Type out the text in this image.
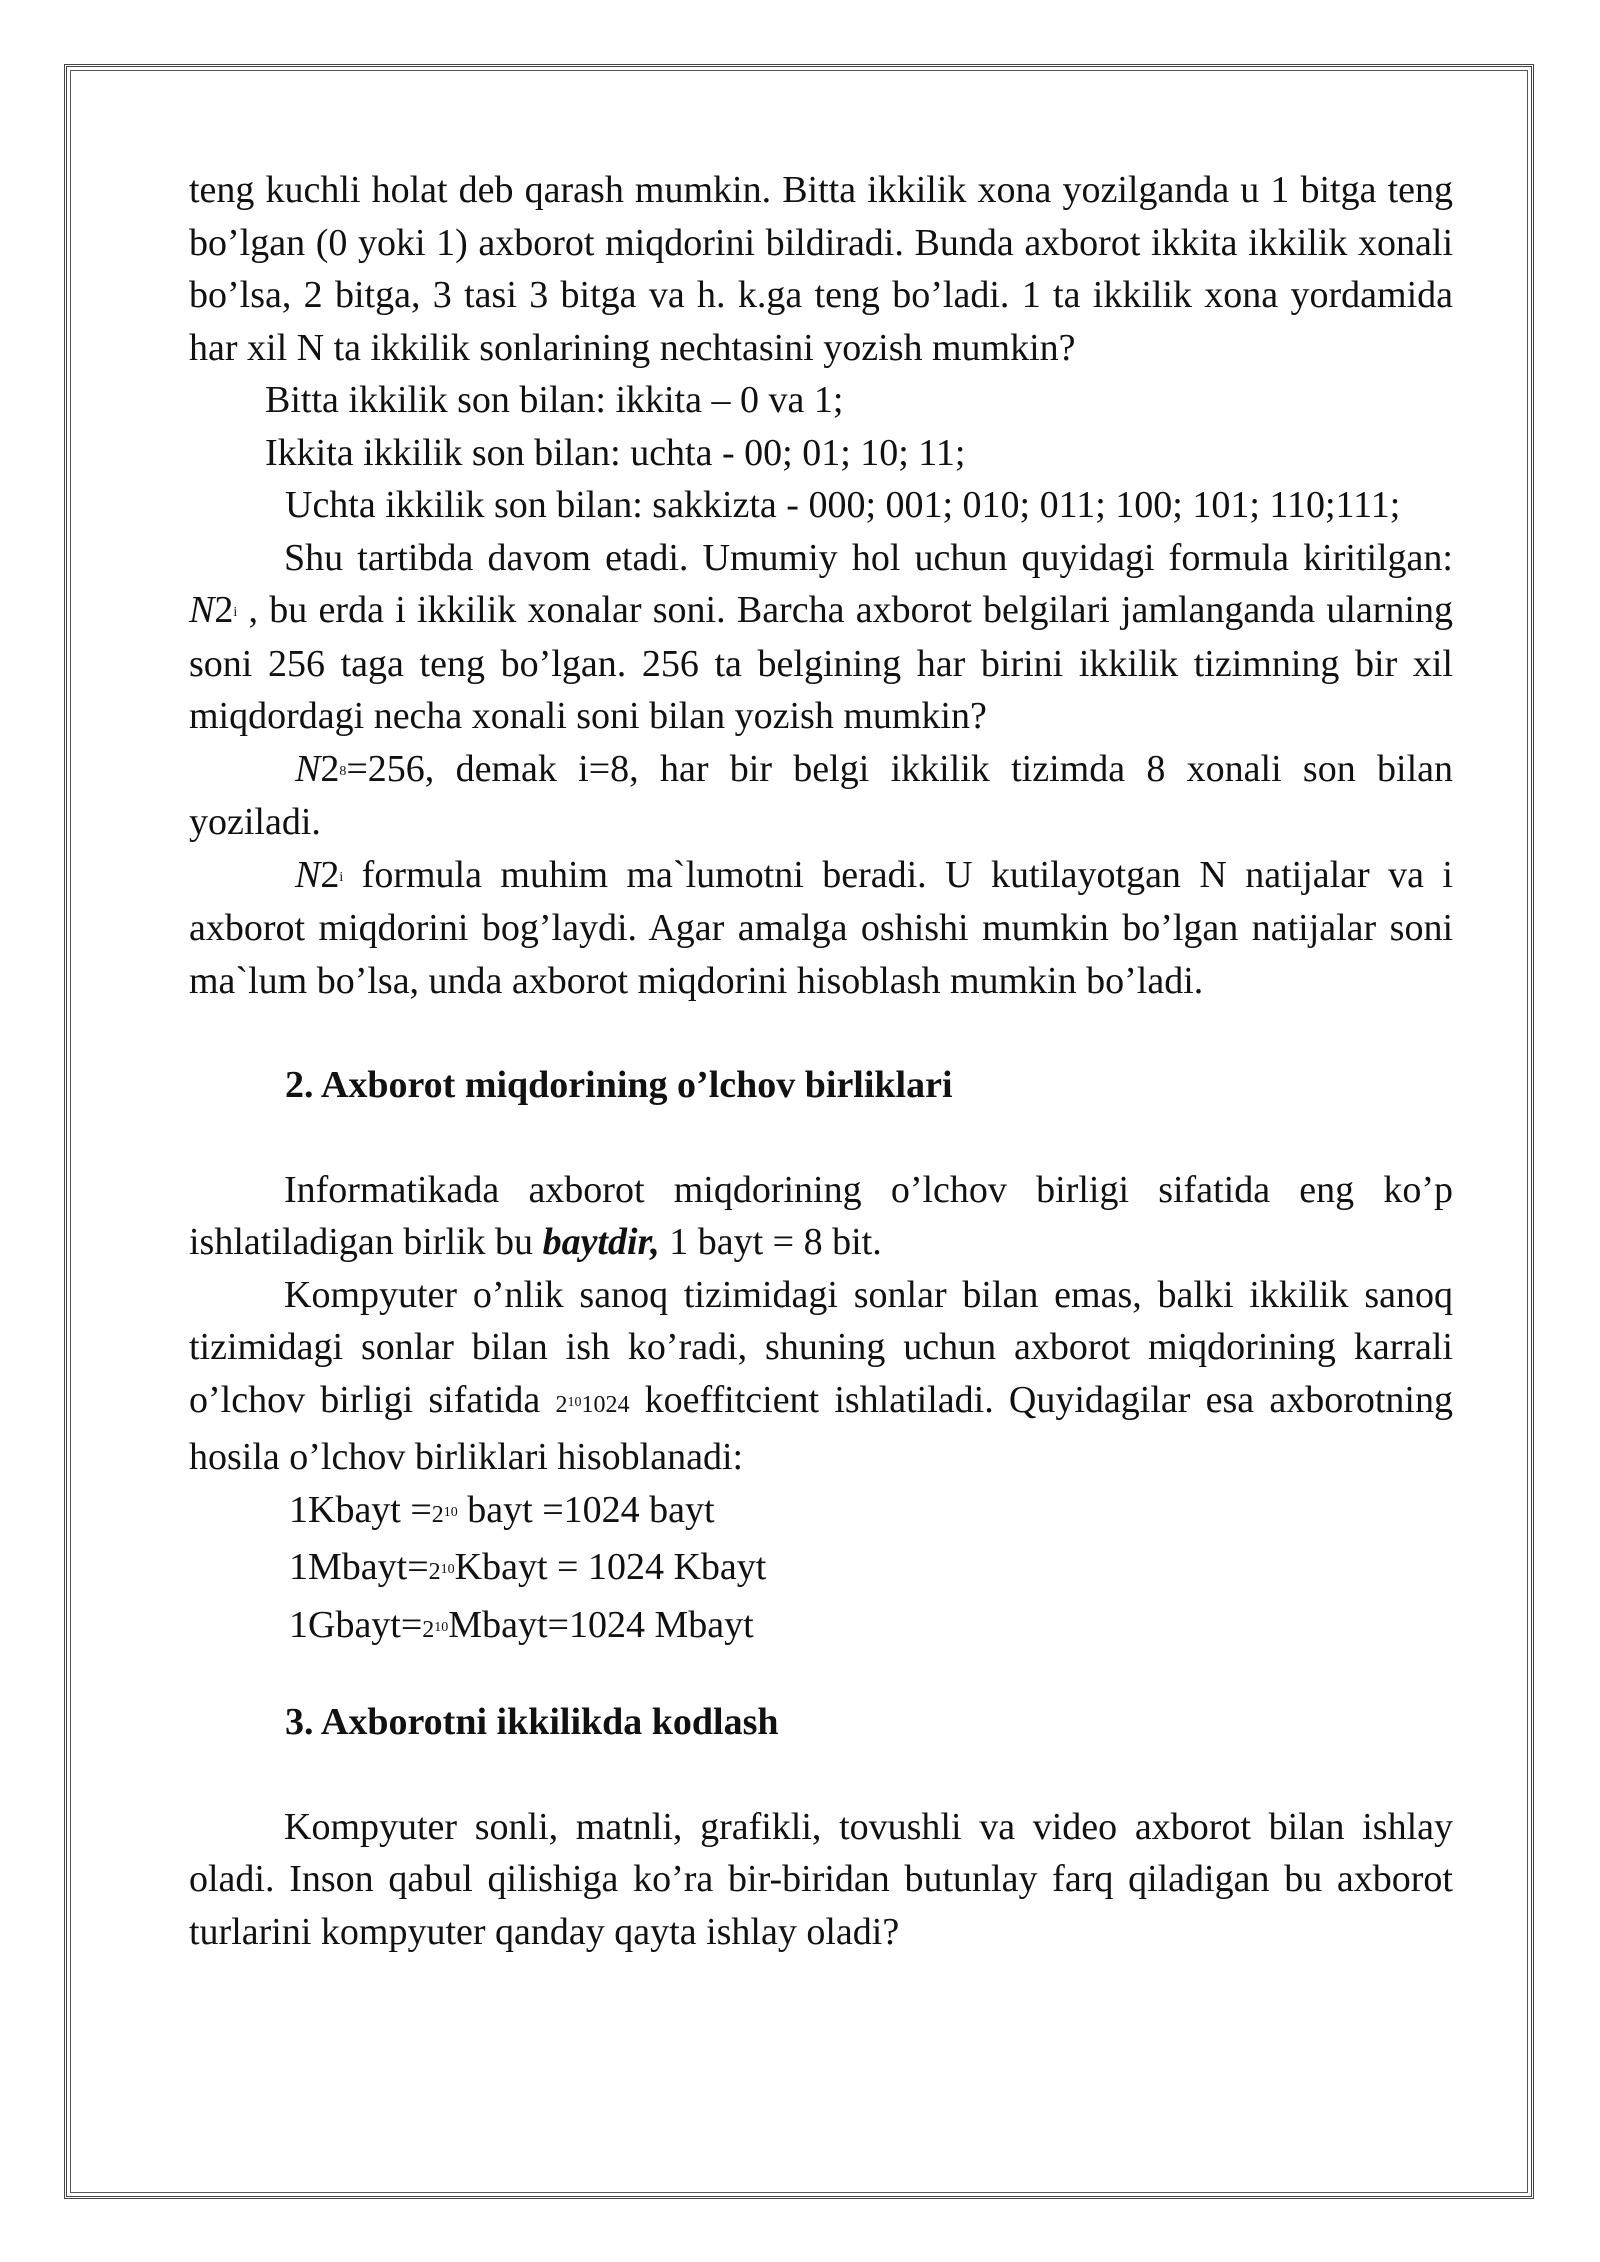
teng kuchli holat deb qarash mumkin. Bitta ikkilik xona yozilganda u 1 bitga teng bo’lgan (0 yoki 1) axborot miqdorini bildiradi. Bunda axborot ikkita ikkilik xonali bo’lsa, 2 bitga, 3 tasi 3 bitga va h. k.ga teng bo’ladi. 1 ta ikkilik xona yordamida har xil N ta ikkilik sonlarining nechtasini yozish mumkin?

Bitta ikkilik son bilan: ikkita – 0 va 1;

Ikkita ikkilik son bilan: uchta - 00; 01; 10; 11;

Uchta ikkilik son bilan: sakkizta - 000; 001; 010; 011; 100; 101; 110;111;

Shu tartibda davom etadi. Umumiy hol uchun quyidagi formula kiritilgan: N2$^i$ , bu erda i ikkilik xonalar soni. Barcha axborot belgilari jamlanganda ularning soni 256 taga teng bo’lgan. 256 ta belgining har birini ikkilik tizimning bir xil miqdordagi necha xonali soni bilan yozish mumkin?

$N2^8=256$, demak i=8, har bir belgi ikkilik tizimda 8 xonali son bilan yoziladi.

N2$^i$ formula muhim ma`lumotni beradi. U kutilayotgan N natijalar va i axborot miqdorini bog’laydi. Agar amalga oshishi mumkin bo’lgan natijalar soni ma`lum bo’lsa, unda axborot miqdorini hisoblash mumkin bo’ladi.

2. Axborot miqdorining o’lchov birliklari

Informatikada axborot miqdorining o’lchov birligi sifatida eng ko’p ishlatiladigan birlik bu baytdir, 1 bayt = 8 bit.

Kompyuter o’nlik sanoq tizimidagi sonlar bilan emas, balki ikkilik sanoq tizimidagi sonlar bilan ish ko’radi, shuning uchun axborot miqdorining karrali o’lchov birligi sifatida $2^{10}1024$ koeffitcient ishlatiladi. Quyidagilar esa axborotning hosila o’lchov birliklari hisoblanadi:

1Kbayt $=2^{10}$ bayt =1024 bayt

$1Mbayt=2^{10}Kbayt = 1024$ Kbayt

$1Gbayt=2^{10}Mbayt=1024$ Mbayt

3. Axborotni ikkilikda kodlash

Kompyuter sonli, matnli, grafikli, tovushli va video axborot bilan ishlay oladi. Inson qabul qilishiga ko’ra bir-biridan butunlay farq qiladigan bu axborot turlarini kompyuter qanday qayta ishlay oladi?
